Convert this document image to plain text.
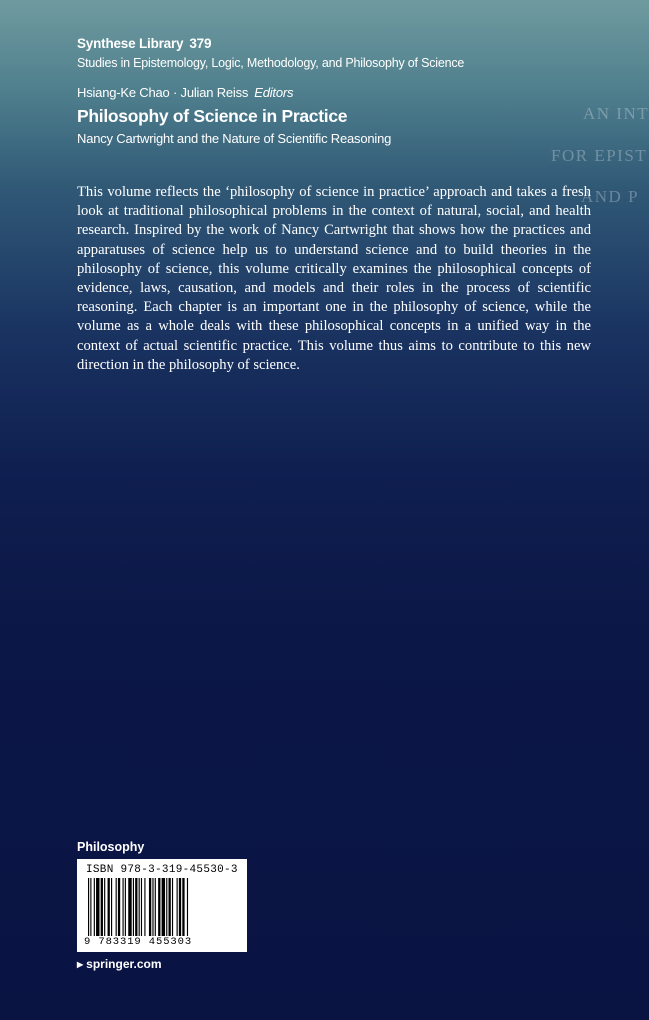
Synthese Library 379
Studies in Epistemology, Logic, Methodology, and Philosophy of Science
Hsiang-Ke Chao · Julian Reiss Editors
Philosophy of Science in Practice
Nancy Cartwright and the Nature of Scientific Reasoning
AN INT
FOR EPIST
AND P

This volume reflects the ‘philosophy of science in practice’ approach and takes a fresh look at traditional philosophical problems in the context of natural, social, and health research. Inspired by the work of Nancy Cartwright that shows how the practices and apparatuses of science help us to understand science and to build theories in the philosophy of science, this volume critically examines the philosophical concepts of evidence, laws, causation, and models and their roles in the process of scientific reasoning. Each chapter is an important one in the philosophy of science, while the volume as a whole deals with these philosophical concepts in a unified way in the context of actual scientific practice. This volume thus aims to contribute to this new direction in the philosophy of science.

Philosophy
ISBN 978-3-319-45530-3
9 783319 455303
▶ springer.com
